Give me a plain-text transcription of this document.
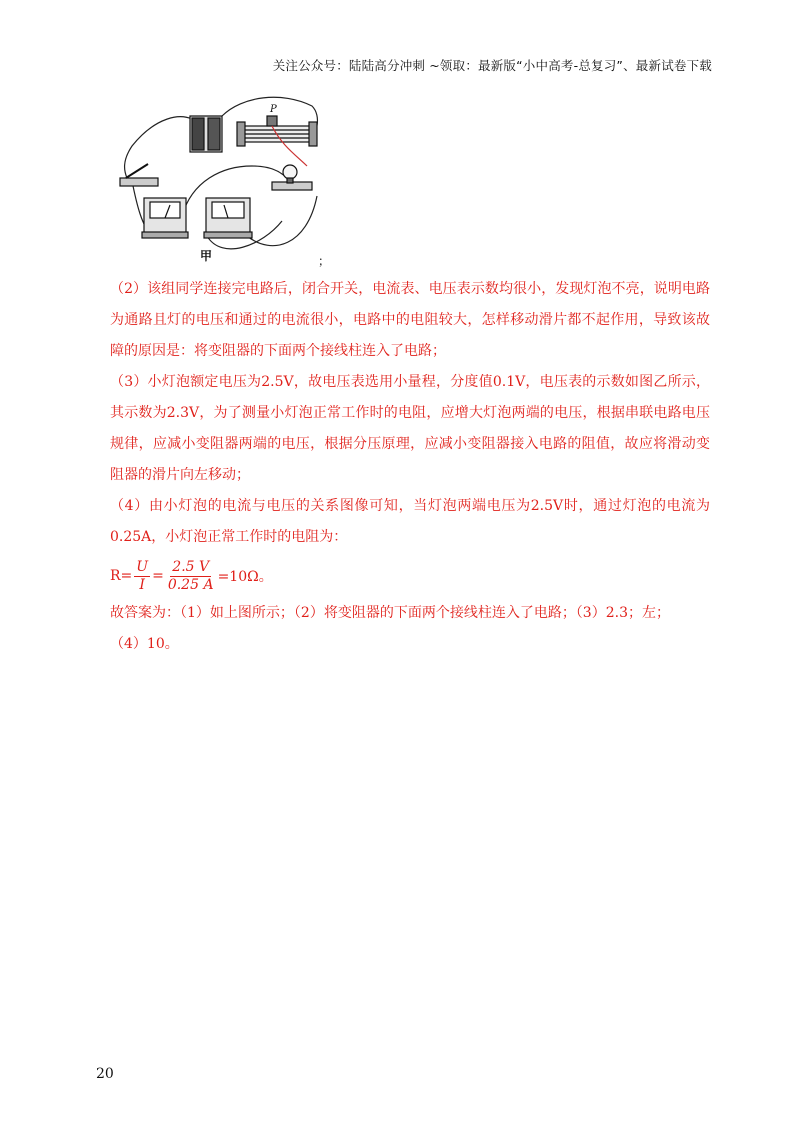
关注公众号：陆陆高分冲刺 ~领取：最新版“小中高考-总复习”、最新试卷下载
P
甲	；

（2）该组同学连接完电路后，闭合开关，电流表、电压表示数均很小，发现灯泡不亮，说明电路为通路且灯的电压和通过的电流很小，电路中的电阻较大，怎样移动滑片都不起作用，导致该故障的原因是：将变阻器的下面两个接线柱连入了电路；

（3）小灯泡额定电压为2.5V，故电压表选用小量程，分度值0.1V，电压表的示数如图乙所示，其示数为2.3V，为了测量小灯泡正常工作时的电阻，应增大灯泡两端的电压，根据串联电路电压规律，应减小变阻器两端的电压，根据分压原理，应减小变阻器接入电路的阻值，故应将滑动变阻器的滑片向左移动；

（4）由小灯泡的电流与电压的关系图像可知，当灯泡两端电压为2.5V时，通过灯泡的电流为0.25A，小灯泡正常工作时的电阻为：

$R= \frac{U}{I} = \frac{2.5 V}{0.25 A} =10\Omega$。

故答案为：（1）如上图所示；（2）将变阻器的下面两个接线柱连入了电路；（3）2.3；左；

（4）10。

20
